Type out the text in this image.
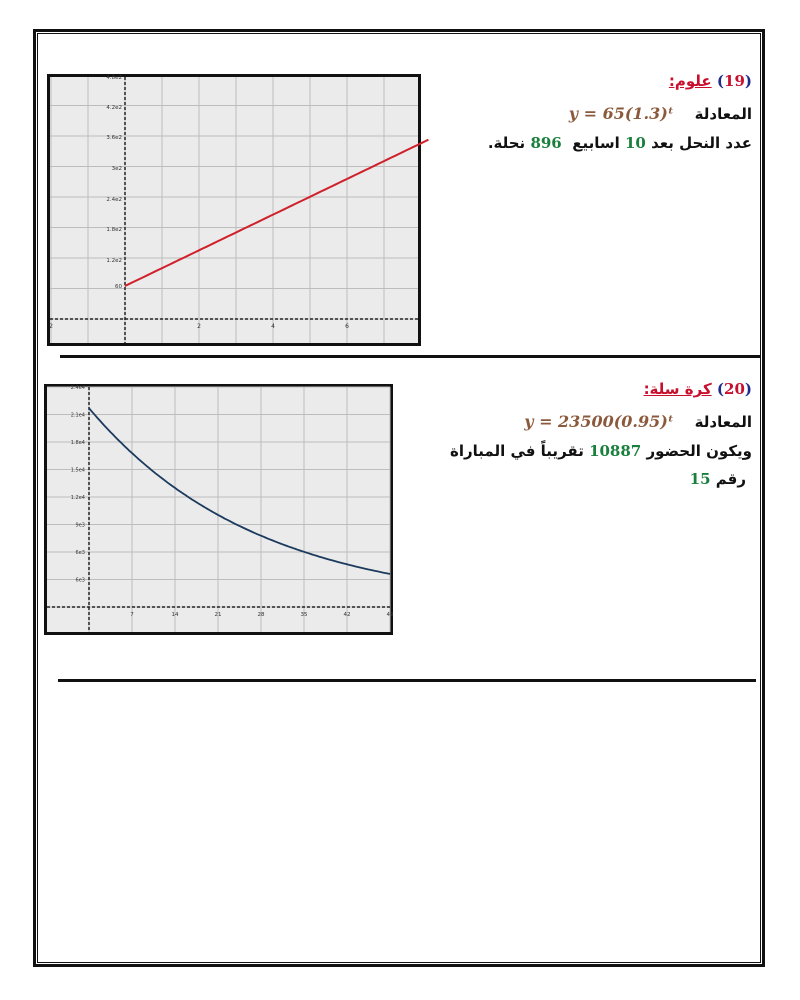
2	2	4	6
60
1.2e2
1.8e2
2.4e2
3e2
3.6e2
4.2e2
4.8e2	(19) علوم:
المعادلة    y = 65(1.3)ᵗ
عدد النحل بعد 10 اسابيع  896 نحلة.
7	14	21	28	35	42	49
6e3
6e3
9e3
1.2e4
1.5e4
1.8e4
2.1e4
2.4e4	(20) كرة سلة:
المعادلة    y = 23500(0.95)ᵗ
ويكون الحضور 10887 تقريباً في المباراة
رقم 15
